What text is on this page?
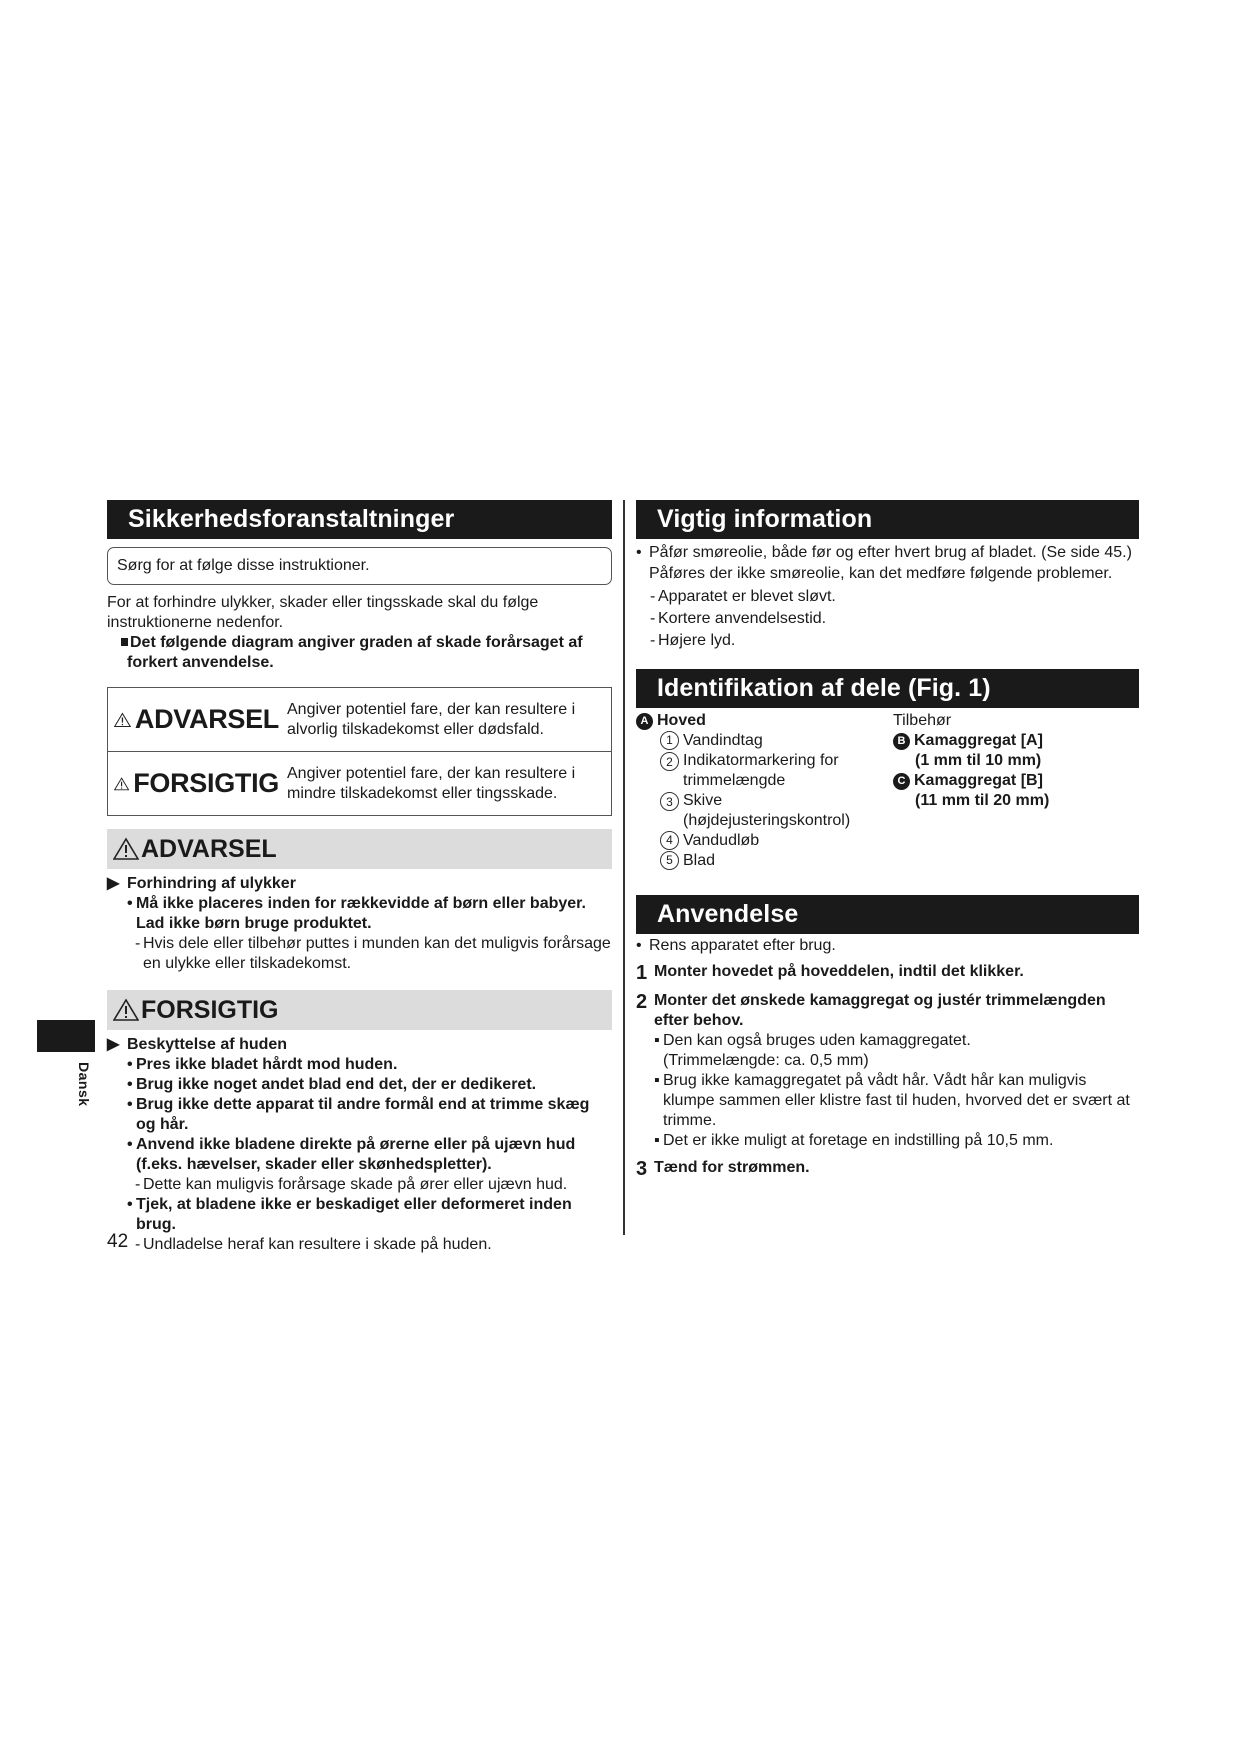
Sikkerhedsforanstaltninger
Sørg for at følge disse instruktioner.
For at forhindre ulykker, skader eller tingsskade skal du følge instruktionerne nedenfor.
Det følgende diagram angiver graden af skade forårsaget af forkert anvendelse.
ADVARSEL Angiver potentiel fare, der kan resultere i alvorlig tilskadekomst eller dødsfald.
FORSIGTIG Angiver potentiel fare, der kan resultere i mindre tilskadekomst eller tingsskade.
ADVARSEL
▶ Forhindring af ulykker
• Må ikke placeres inden for rækkevidde af børn eller babyer. Lad ikke børn bruge produktet.
- Hvis dele eller tilbehør puttes i munden kan det muligvis forårsage en ulykke eller tilskadekomst.
FORSIGTIG
▶ Beskyttelse af huden
• Pres ikke bladet hårdt mod huden.
• Brug ikke noget andet blad end det, der er dedikeret.
• Brug ikke dette apparat til andre formål end at trimme skæg og hår.
• Anvend ikke bladene direkte på ørerne eller på ujævn hud (f.eks. hævelser, skader eller skønhedspletter).
- Dette kan muligvis forårsage skade på ører eller ujævn hud.
• Tjek, at bladene ikke er beskadiget eller deformeret inden brug.
- Undladelse heraf kan resultere i skade på huden.
Vigtig information
• Påfør smøreolie, både før og efter hvert brug af bladet. (Se side 45.)
Påføres der ikke smøreolie, kan det medføre følgende problemer.
- Apparatet er blevet sløvt.
- Kortere anvendelsestid.
- Højere lyd.
Identifikation af dele (Fig. 1)
A Hoved
1 Vandindtag
2 Indikatormarkering for trimmelængde
3 Skive (højdejusteringskontrol)
4 Vandudløb
5 Blad
Tilbehør
B Kamaggregat [A]
(1 mm til 10 mm)
C Kamaggregat [B]
(11 mm til 20 mm)
Anvendelse
• Rens apparatet efter brug.
1 Monter hovedet på hoveddelen, indtil det klikker.
2 Monter det ønskede kamaggregat og justér trimmelængden efter behov.
▪ Den kan også bruges uden kamaggregatet. (Trimmelængde: ca. 0,5 mm)
▪ Brug ikke kamaggregatet på vådt hår. Vådt hår kan muligvis klumpe sammen eller klistre fast til huden, hvorved det er svært at trimme.
▪ Det er ikke muligt at foretage en indstilling på 10,5 mm.
3 Tænd for strømmen.
Dansk
42
